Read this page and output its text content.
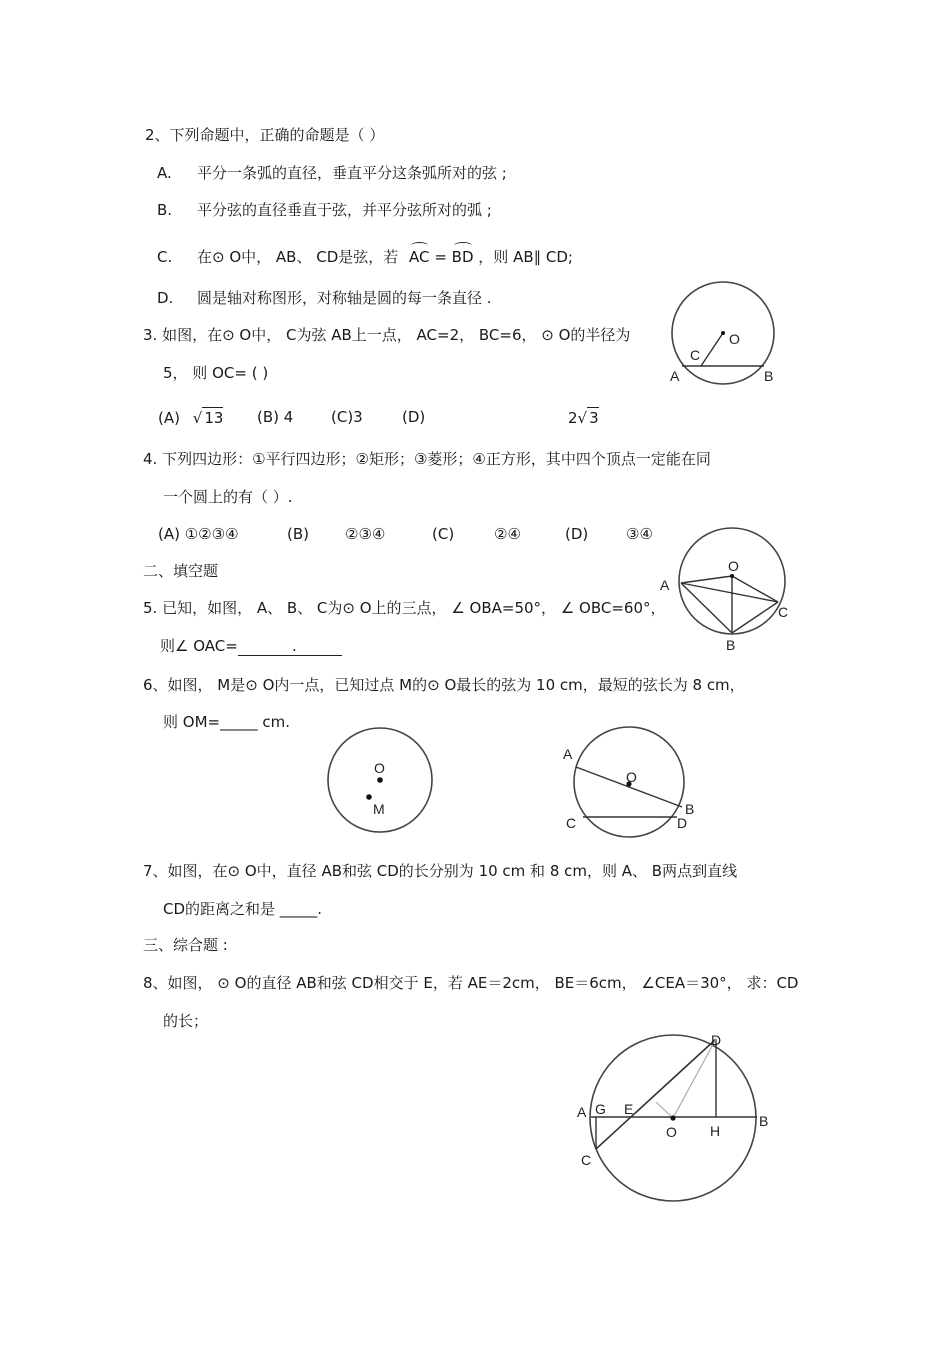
2、下列命题中，正确的命题是（ ）
A. 平分一条弧的直径，垂直平分这条弧所对的弦 ;
B. 平分弦的直径垂直于弦，并平分弦所对的弧 ;
C. 在⊙ O中， AB、 CD是弦，若 AC = BD ，则 AB∥ CD;
D. 圆是轴对称图形，对称轴是圆的每一条直径 .
3. 如图，在⊙ O中， C为弦 AB上一点， AC=2， BC=6， ⊙ O的半径为
5， 则 OC= ( )
(A) √ 13 (B) 4	(C)3	(D)	2√ 3
O
C
A	B
4. 下列四边形：①平行四边形；②矩形；③菱形；④正方形，其中四个顶点一定能在同
一个圆上的有（ ）.
(A) ①②③④	(B) ②③④	(C)	②④	(D)	③④
二、填空题
5. 已知，如图， A、 B、 C为⊙ O上的三点， ∠ OBA=50°， ∠ OBC=60°，
则∠ OAC=	.
O
A
B
C
6、如图， M是⊙ O内一点，已知过点 M的⊙ O最长的弦为 10 cm，最短的弦长为 8 cm，
则 OM=_____ cm.
O
M
A
O
B
C	D
7、如图，在⊙ O中，直径 AB和弦 CD的长分别为 10 cm 和 8 cm，则 A、 B两点到直线
CD的距离之和是 _____.
三、综合题 :
8、如图， ⊙ O的直径 AB和弦 CD相交于 E，若 AE＝2cm， BE＝6cm， ∠CEA＝30°， 求：CD
的长；
D
A G E
O H
B
C
